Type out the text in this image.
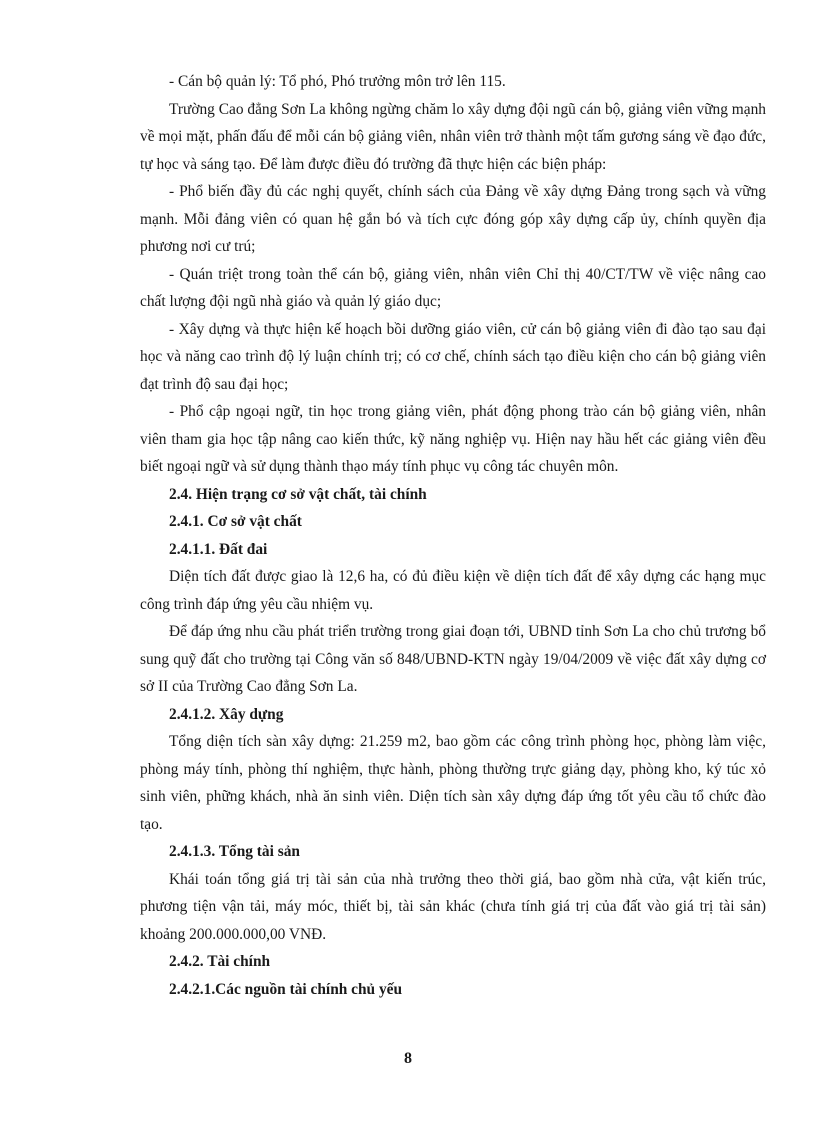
- Cán bộ quản lý: Tổ phó, Phó trưởng môn trở lên 115.

Trường Cao đẳng Sơn La không ngừng chăm lo xây dựng đội ngũ cán bộ, giảng viên vững mạnh về mọi mặt, phấn đấu để mỗi cán bộ giảng viên, nhân viên trở thành một tấm gương sáng về đạo đức, tự học và sáng tạo. Để làm được điều đó trường đã thực hiện các biện pháp:

- Phổ biến đầy đủ các nghị quyết, chính sách của Đảng về xây dựng Đảng trong sạch và vững mạnh. Mỗi đảng viên có quan hệ gắn bó và tích cực đóng góp xây dựng cấp ủy, chính quyền địa phương nơi cư trú;

- Quán triệt trong toàn thể cán bộ, giảng viên, nhân viên Chỉ thị 40/CT/TW về việc nâng cao chất lượng đội ngũ nhà giáo và quản lý giáo dục;

- Xây dựng và thực hiện kế hoạch bồi dưỡng giáo viên, cử cán bộ giảng viên đi đào tạo sau đại học và năng cao trình độ lý luận chính trị; có cơ chế, chính sách tạo điều kiện cho cán bộ giảng viên đạt trình độ sau đại học;

- Phổ cập ngoại ngữ, tin học trong giảng viên, phát động phong trào cán bộ giảng viên, nhân viên tham gia học tập nâng cao kiến thức, kỹ năng nghiệp vụ. Hiện nay hầu hết các giảng viên đều biết ngoại ngữ và sử dụng thành thạo máy tính phục vụ công tác chuyên môn.

2.4. Hiện trạng cơ sở vật chất, tài chính

2.4.1. Cơ sở vật chất

2.4.1.1. Đất đai

Diện tích đất được giao là 12,6 ha, có đủ điều kiện về diện tích đất để xây dựng các hạng mục công trình đáp ứng yêu cầu nhiệm vụ.

Để đáp ứng nhu cầu phát triển trường trong giai đoạn tới, UBND tỉnh Sơn La cho chủ trương bổ sung quỹ đất cho trường tại Công văn số 848/UBND-KTN ngày 19/04/2009 về việc đất xây dựng cơ sở II của Trường Cao đẳng Sơn La.

2.4.1.2. Xây dựng

Tổng diện tích sàn xây dựng: 21.259 m2, bao gồm các công trình phòng học, phòng làm việc, phòng máy tính, phòng thí nghiệm, thực hành, phòng thường trực giảng dạy, phòng kho, ký túc xỏ sinh viên, phững khách, nhà ăn sinh viên. Diện tích sàn xây dựng đáp ứng tốt yêu cầu tổ chức đào tạo.

2.4.1.3. Tổng tài sản

Khái toán tổng giá trị tài sản của nhà trưởng theo thời giá, bao gồm nhà cửa, vật kiến trúc, phương tiện vận tải, máy móc, thiết bị, tài sản khác (chưa tính giá trị của đất vào giá trị tài sản) khoảng 200.000.000,00 VNĐ.

2.4.2. Tài chính

2.4.2.1.Các nguồn tài chính chủ yếu

8
